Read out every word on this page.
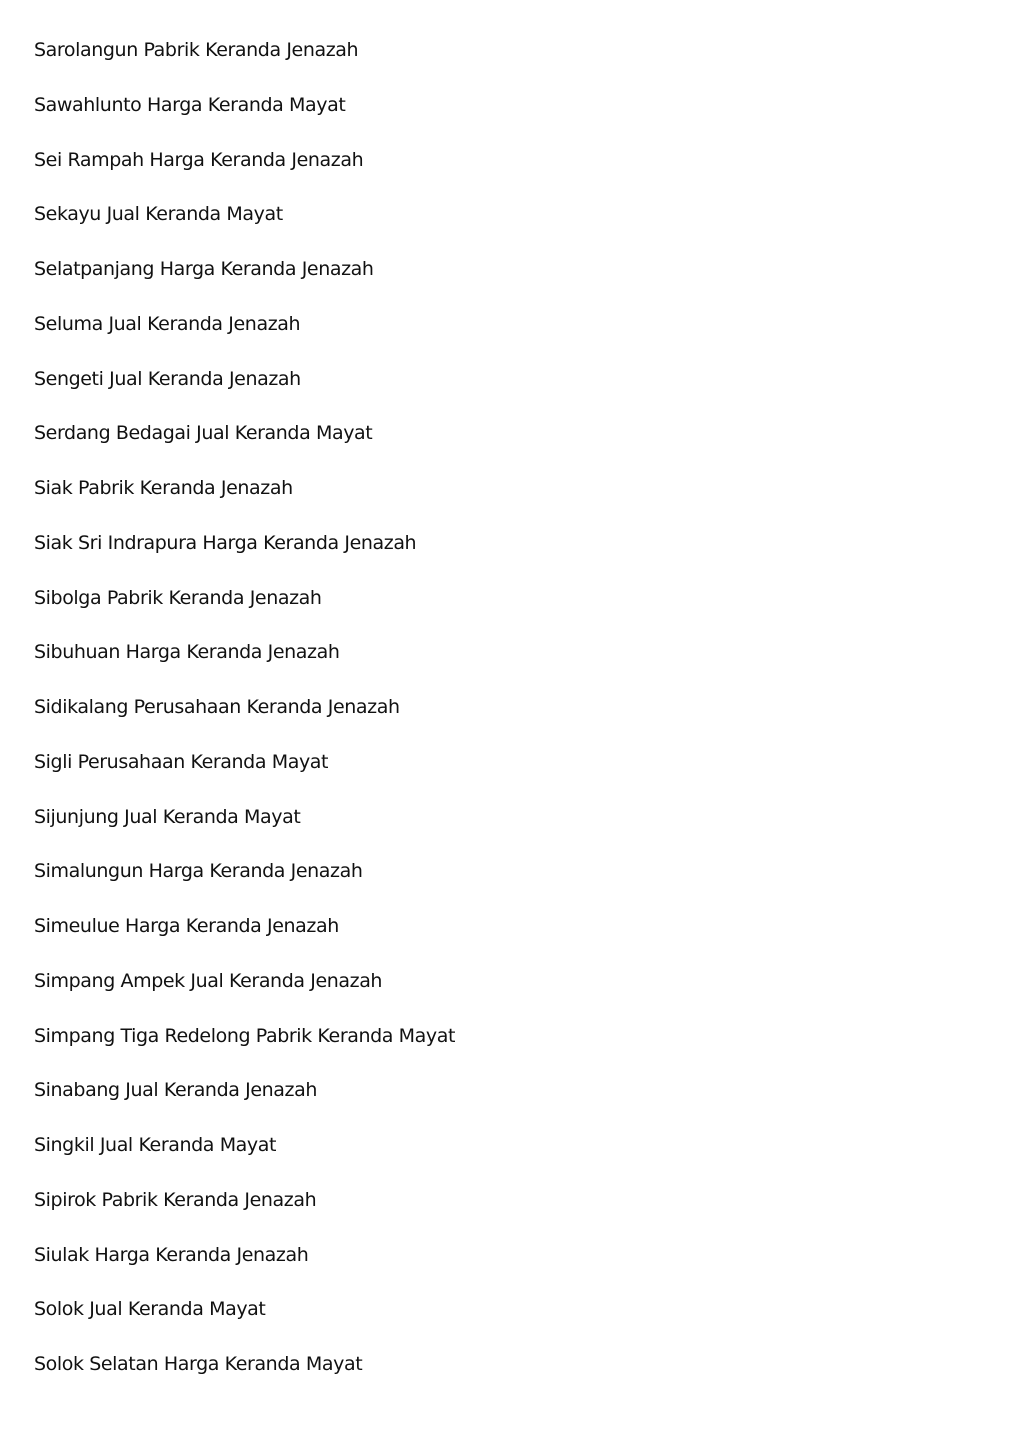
Sarolangun Pabrik Keranda Jenazah
Sawahlunto Harga Keranda Mayat
Sei Rampah Harga Keranda Jenazah
Sekayu Jual Keranda Mayat
Selatpanjang Harga Keranda Jenazah
Seluma Jual Keranda Jenazah
Sengeti Jual Keranda Jenazah
Serdang Bedagai Jual Keranda Mayat
Siak Pabrik Keranda Jenazah
Siak Sri Indrapura Harga Keranda Jenazah
Sibolga Pabrik Keranda Jenazah
Sibuhuan Harga Keranda Jenazah
Sidikalang Perusahaan Keranda Jenazah
Sigli Perusahaan Keranda Mayat
Sijunjung Jual Keranda Mayat
Simalungun Harga Keranda Jenazah
Simeulue Harga Keranda Jenazah
Simpang Ampek Jual Keranda Jenazah
Simpang Tiga Redelong Pabrik Keranda Mayat
Sinabang Jual Keranda Jenazah
Singkil Jual Keranda Mayat
Sipirok Pabrik Keranda Jenazah
Siulak Harga Keranda Jenazah
Solok Jual Keranda Mayat
Solok Selatan Harga Keranda Mayat
